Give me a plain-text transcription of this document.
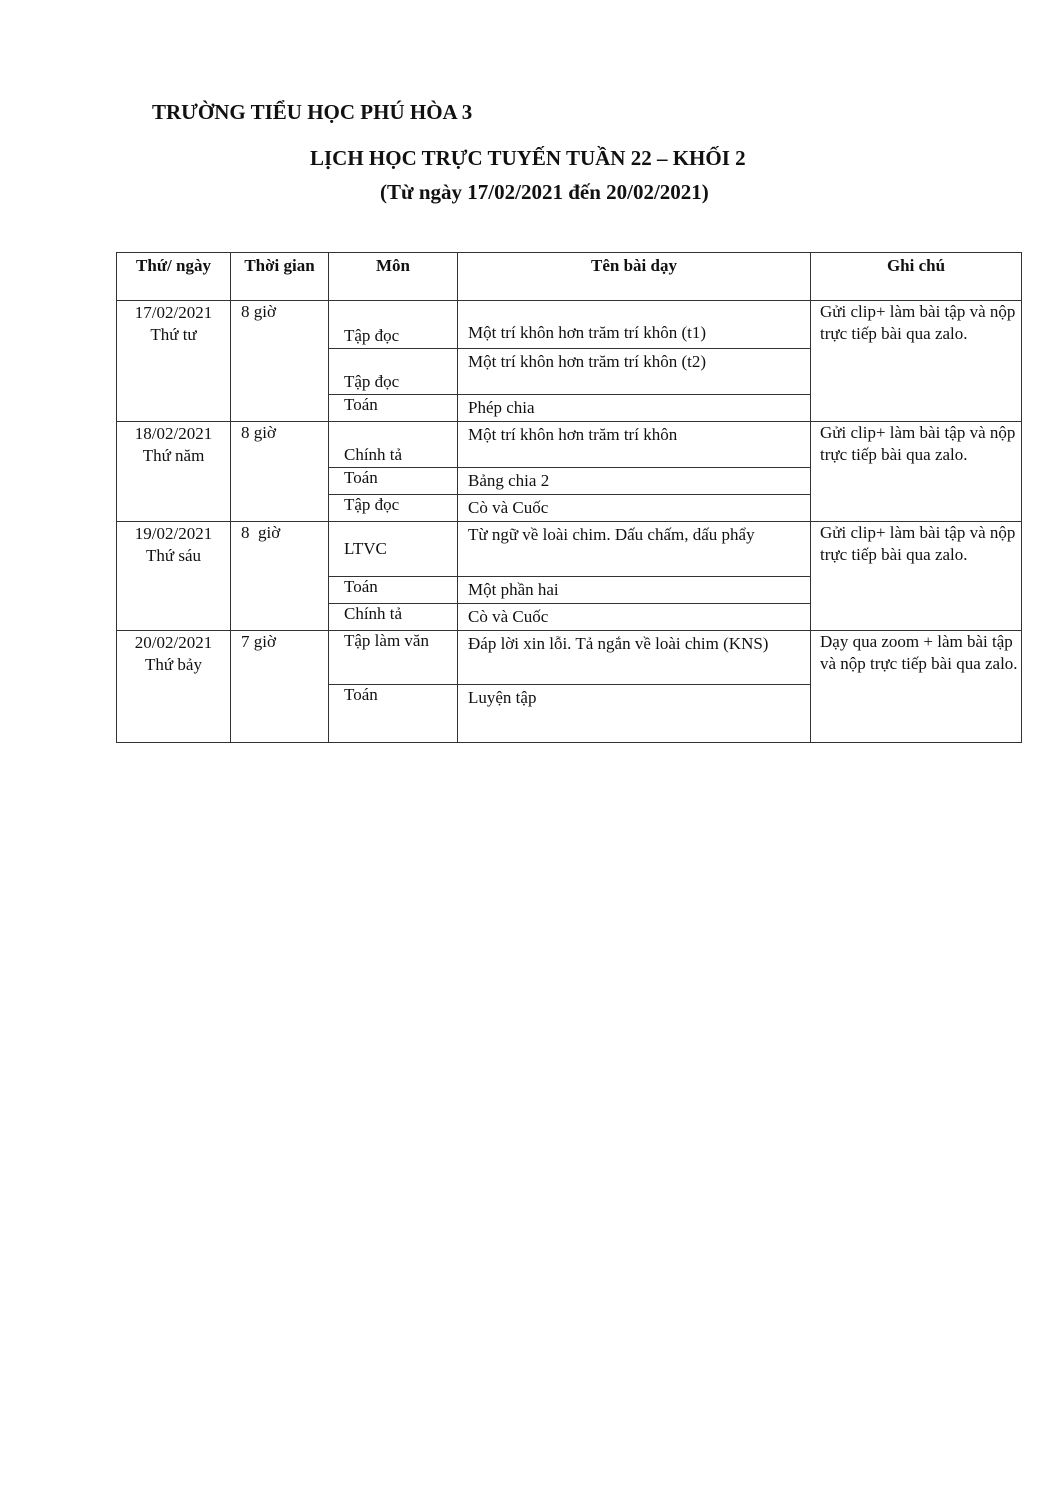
TRƯỜNG TIỂU HỌC PHÚ HÒA 3
LỊCH HỌC TRỰC TUYẾN TUẦN 22 – KHỐI 2
(Từ ngày 17/02/2021 đến 20/02/2021)
Thứ/ ngày	Thời gian	Môn	Tên bài dạy	Ghi chú

17/02/2021
Thứ tư	8 giờ	Tập đọc	Một trí khôn hơn trăm trí khôn (t1)	Gửi clip+ làm bài tập và nộp trực tiếp bài qua zalo.
		Tập đọc	Một trí khôn hơn trăm trí khôn (t2)	
		Toán	Phép chia	

18/02/2021
Thứ năm	8 giờ	Chính tả	Một trí khôn hơn trăm trí khôn	Gửi clip+ làm bài tập và nộp trực tiếp bài qua zalo.
		Toán	Bảng chia 2	
		Tập đọc	Cò và Cuốc	

19/02/2021
Thứ sáu	8  giờ	LTVC	Từ ngữ về loài chim. Dấu chấm, dấu phẩy	Gửi clip+ làm bài tập và nộp trực tiếp bài qua zalo.
		Toán	Một phần hai	
		Chính tả	Cò và Cuốc	

20/02/2021
Thứ bảy	7 giờ	Tập làm văn	Đáp lời xin lỗi. Tả ngắn về loài chim (KNS)	Dạy qua zoom + làm bài tập và nộp trực tiếp bài qua zalo.
		Toán	Luyện tập	
